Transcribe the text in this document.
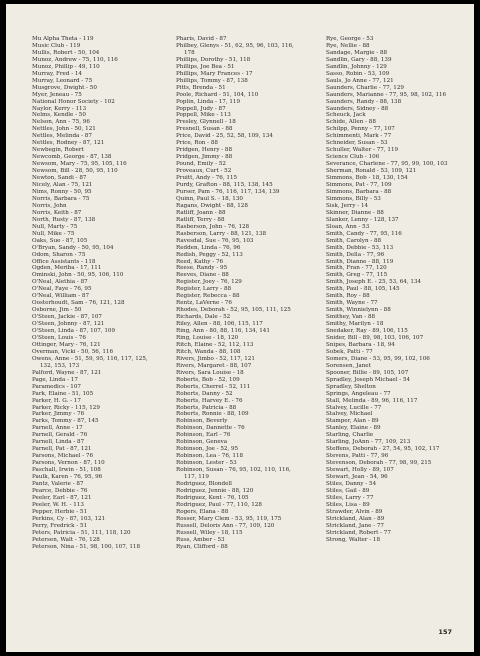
Mu Alpha Theta - 119
Music Club - 119
Mullis, Robert - 50, 104
Munoz, Andrew - 75, 110, 116
Munoz, Phillip - 49, 110
Murray, Fred - 14
Murray, Leonard - 75
Musgrove, Dwight - 50
Myer, Jeneau - 75
National Honor Society - 102
Naylor, Kerry - 113
Nelms, Kendle - 50
Nelson, Ann - 75, 96
Nettles, John - 50, 121
Nettles, Melinda - 87
Nettles, Rodney - 87, 121
Newbegin, Robert
Newcomb, George - 87, 138
Newsom, Mary - 75, 95, 105, 116
Newsom, Bill - 28, 50, 95, 110
Newton, Sandi - 87
Nicely, Alan - 75, 121
Nims, Ronny - 50, 95
Norris, Barbara - 75
Norris, John
Norris, Keith - 87
North, Rusty - 87, 138
Null, Marty - 75
Null, Mike - 75
Oaks, Sue - 87, 105
O'Bryan, Sandy - 50, 95, 104
Odom, Sharon - 75
Office Assistants - 118
Ogden, Meriba - 17, 111
Ominski, John - 50, 95, 106, 110
O'Neal, Alethia - 87
O'Neal, Faye - 76, 95
O'Neal, William - 87
Oosterhoudt, Sam - 76, 121, 128
Osborne, Jim - 50
O'Steen, Jackie - 87, 107
O'Steen, Johnny - 87, 121
O'Steen, Linda - 87, 107, 109
O'Steen, Louis - 76
Ottinger, Mary - 76, 121
Overman, Vicki - 50, 56, 116
Owens, Anne - 51, 59, 95, 116, 117, 125, 132, 153, 173
Palford, Wayne - 87, 121
Page, Linda - 17
Paramedics - 107
Park, Elaine - 51, 105
Parker, H. G. - 17
Parker, Ricky - 115, 129
Parker, Jimmy - 76
Parks, Tommy - 87, 145
Parnell, Anne - 17
Parnell, Gerald - 76
Parnell, Linda - 87
Parnell, Pat - 87, 121
Parsons, Michael - 76
Parsons, Vernon - 87, 110
Paschall, Irwin - 51, 108
Paulk, Karen - 76, 95, 96
Pantz, Valerie - 87
Pearce, Debbie - 76
Peeler, Earl - 87, 121
Peeler, W. H. - 113
Pepper, Herbie - 51
Perkins, Cy - 87, 103, 121
Perry, Fredrick - 51
Peters, Patricia - 51, 111, 118, 120
Petersen, Walt - 76, 128
Peterson, Nina - 51, 98, 100, 107, 118
Pharis, David - 87
Philbey, Glenys - 51, 62, 95, 96, 103, 116, 178
Phillips, Dorothy - 51, 118
Phillips, Joe Bea - 51
Phillips, Mary Frances - 17
Phillips, Tommy - 87, 138
Pitts, Brenda - 51
Poole, Richard - 51, 104, 110
Poplin, Linda - 17, 119
Poppell, Judy - 87
Poppell, Mike - 113
Presley, Glynnell - 18
Presnell, Susan - 88
Price, David - 25, 52, 58, 109, 134
Price, Ron - 88
Pridgen, Henry - 88
Pridgen, Jimmy - 88
Pound, Emily - 52
Proveaux, Curt - 52
Pruitt, Andy - 76, 115
Purdy, Grafton - 88, 115, 138, 145
Purser, Pam - 76, 116, 117, 134, 139
Quinn, Paul S. - 18, 130
Ragans, Dwight - 88, 128
Ratliff, Joann - 88
Ratliff, Terry - 88
Rasberson, John - 76, 128
Rasberson, Larry - 88, 121, 138
Ravesdal, Sue - 76, 95, 103
Redden, Linda - 76, 96
Redish, Peggy - 52, 113
Reed, Kathy - 76
Reese, Randy - 95
Reeves, Diane - 88
Register, Joey - 76, 129
Register, Larry - 88
Register, Rebecca - 88
Rentz, LaVerne - 76
Rhodes, Deborah - 52, 95, 105, 111, 125
Richards, Dale - 52
Riley, Allen - 88, 106, 115, 117
Ring, Ann - 80, 88, 116, 134, 141
Ring, Louise - 18, 120
Ritch, Elaine - 52, 112, 113
Ritch, Wanda - 88, 108
Rivers, Jimbo - 52, 117, 121
Rivers, Margaret - 88, 107
Rivers, Sara Louise - 18
Roberts, Bob - 52, 109
Roberts, Cherrel - 52, 111
Roberts, Danny - 52
Roberts, Harvey E. - 76
Roberts, Patricia - 88
Roberts, Ronnie - 88, 109
Robinson, Beverly
Robinson, Dannette - 76
Robinson, Earl - 76
Robinson, Geneva
Robinson, Joe - 52, 95
Robinson, Lea - 76, 118
Robinson, Lester - 53
Robinson, Susan - 76, 95, 102, 110, 116, 117, 119
Rodriguez, Blondell
Rodriguez, Jennie - 88, 120
Rodriguez, Kent - 76, 105
Rodriguez, Paul - 77, 110, 128
Rogers, Elana - 88
Rosser, Mary Clem - 53, 95, 119, 175
Russell, Deloris Ann - 77, 109, 120
Russell, Wiley - 18, 115
Russ, Amber - 53
Ryan, Clifford - 88
Rye, George - 53
Rye, Nellie - 88
Sandage, Margie - 88
Sandlin, Gary - 88, 139
Sandlin, Johnny - 129
Sasso, Robin - 53, 109
Sauls, Jo Anne - 77, 121
Saunders, Charlie - 77, 129
Saunders, Marianne - 77, 95, 98, 102, 116
Saunders, Randy - 88, 138
Saunders, Sidney - 88
Scheuck, Jack
Schide, Allen - 88
Schilpp, Penny - 77, 107
Schimmenti, Mark - 77
Schneider, Susan - 53
Schuller, Walter - 77, 119
Science Club - 106
Severance, Charlene - 77, 95, 99, 100, 103
Sherman, Ronald - 53, 109, 121
Simmons, Bob - 18, 130, 154
Simmons, Pat - 77, 109
Simmons, Barbara - 88
Simmons, Billy - 53
Sisk, Jerry - 14
Skinner, Dianne - 88
Slanker, Lenny - 128, 137
Sloan, Ann - 53
Smith, Candy - 77, 95, 116
Smith, Carolyn - 88
Smith, Debbie - 53, 113
Smith, Della - 77, 96
Smith, Dianne - 88, 119
Smith, Fran - 77, 120
Smith, Greg - 77, 115
Smith, Joseph E. - 25, 53, 64, 134
Smith, Paul - 88, 105, 145
Smith, Roy - 88
Smith, Wayne - 77
Smith, Winnielynn - 88
Smithey, Van - 88
Smithy, Marilyn - 18
Snedaker, Ray - 89, 106, 115
Snider, Bill - 89, 98, 103, 106, 107
Snipes, Barbara - 18, 94
Sobek, Patti - 77
Somers, Diane - 53, 95, 99, 102, 106
Sorensen, Janet
Spooner, Billie - 89, 105, 107
Spradley, Joseph Michael - 54
Spradley, Shelton
Springs, Angeleau - 77
Stall, Melinda - 89, 96, 116, 117
Stalvey, Lucille - 77
Stalvey, Michael
Stamper, Alan - 89
Stanley, Elaine - 89
Starling, Charlie
Starling, JoAnn - 77, 109, 213
Steffens, Deborah - 27, 54, 95, 102, 117
Stevens, Patti - 77, 96
Stevenson, Deborah - 77, 98, 99, 215
Stewart, Holly - 89, 107
Stewart, Jean - 54, 96
Stiles, Danny - 54
Stiles, Gail - 89
Stiles, Larry - 77
Stiles, Lisa - 89
Strawder, Alvin - 89
Strickland, Alan - 89
Strickland, Jane - 77
Strickland, Robert - 77
Strong, Walter - 18
157
